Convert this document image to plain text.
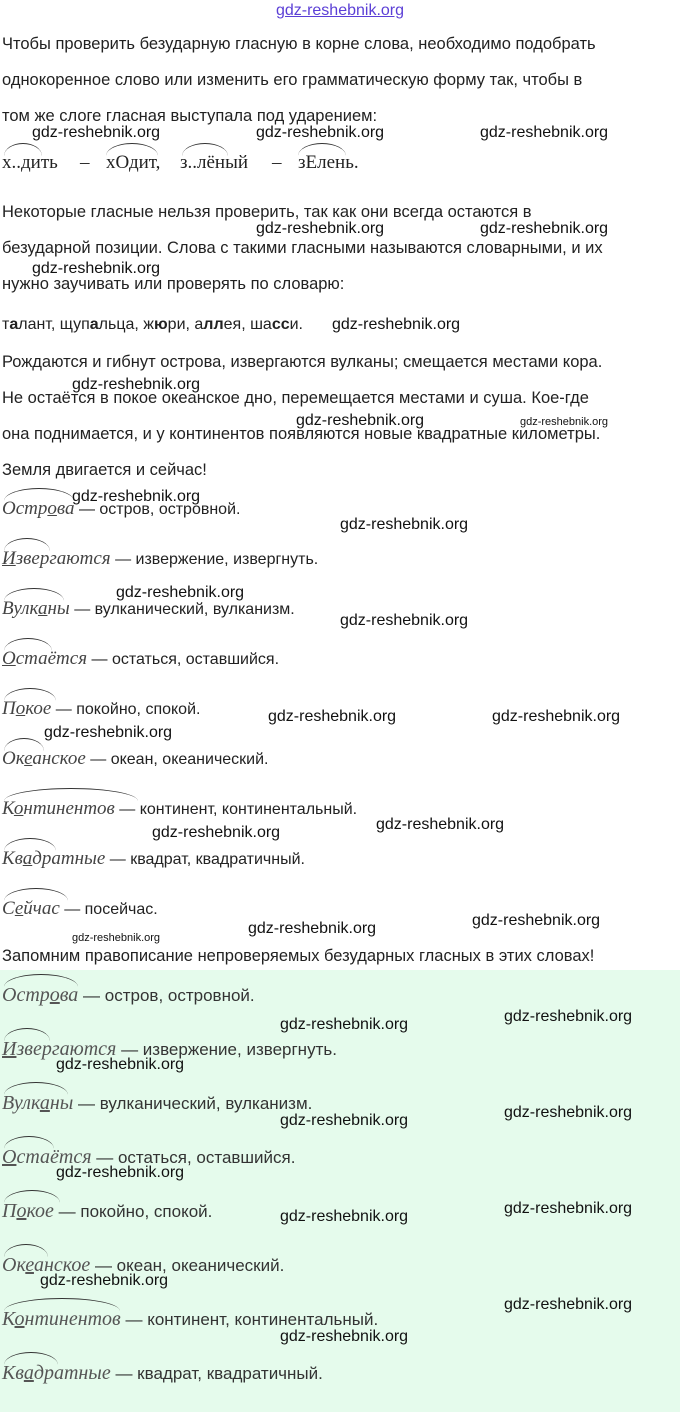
gdz-reshebnik.org
Чтобы проверить безударную гласную в корне слова, необходимо подобрать
однокоренное слово или изменить его грамматическую форму так, чтобы в
том же слоге гласная выступала под ударением:
х..дить – хОдит, з..лёный – зЕлень.
Некоторые гласные нельзя проверить, так как они всегда остаются в
безударной позиции. Слова с такими гласными называются словарными, и их
нужно заучивать или проверять по словарю:
талант, щупальца, жюри, аллея, шасси.
Рождаются и гибнут острова, извергаются вулканы; смещается местами кора.
Не остаётся в покое океанское дно, перемещается местами и суша. Кое-где
она поднимается, и у континентов появляются новые квадратные километры.
Земля двигается и сейчас!
Острова — остров, островной.
Извергаются — извержение, извергнуть.
Вулканы — вулканический, вулканизм.
Остаётся — остаться, оставшийся.
Покое — покойно, спокой.
Океанское — океан, океанический.
Континентов — континент, континентальный.
Квадратные — квадрат, квадратичный.
Сейчас — посейчас.
Запомним правописание непроверяемых безударных гласных в этих словах!
Острова — остров, островной.
Извергаются — извержение, извергнуть.
Вулканы — вулканический, вулканизм.
Остаётся — остаться, оставшийся.
Покое — покойно, спокой.
Океанское — океан, океанический.
Континентов — континент, континентальный.
Квадратные — квадрат, квадратичный.
gdz-reshebnik.org	gdz-reshebnik.org	gdz-reshebnik.org
gdz-reshebnik.org	gdz-reshebnik.org
gdz-reshebnik.org
gdz-reshebnik.org
gdz-reshebnik.org
gdz-reshebnik.org	gdz-reshebnik.org
gdz-reshebnik.org
gdz-reshebnik.org
gdz-reshebnik.org
gdz-reshebnik.org
gdz-reshebnik.org	gdz-reshebnik.org
gdz-reshebnik.org
gdz-reshebnik.org
gdz-reshebnik.org
gdz-reshebnik.org
gdz-reshebnik.org
gdz-reshebnik.org
gdz-reshebnik.org
gdz-reshebnik.org
gdz-reshebnik.org
gdz-reshebnik.org
gdz-reshebnik.org
gdz-reshebnik.org
gdz-reshebnik.org
gdz-reshebnik.org
gdz-reshebnik.org
gdz-reshebnik.org
gdz-reshebnik.org
